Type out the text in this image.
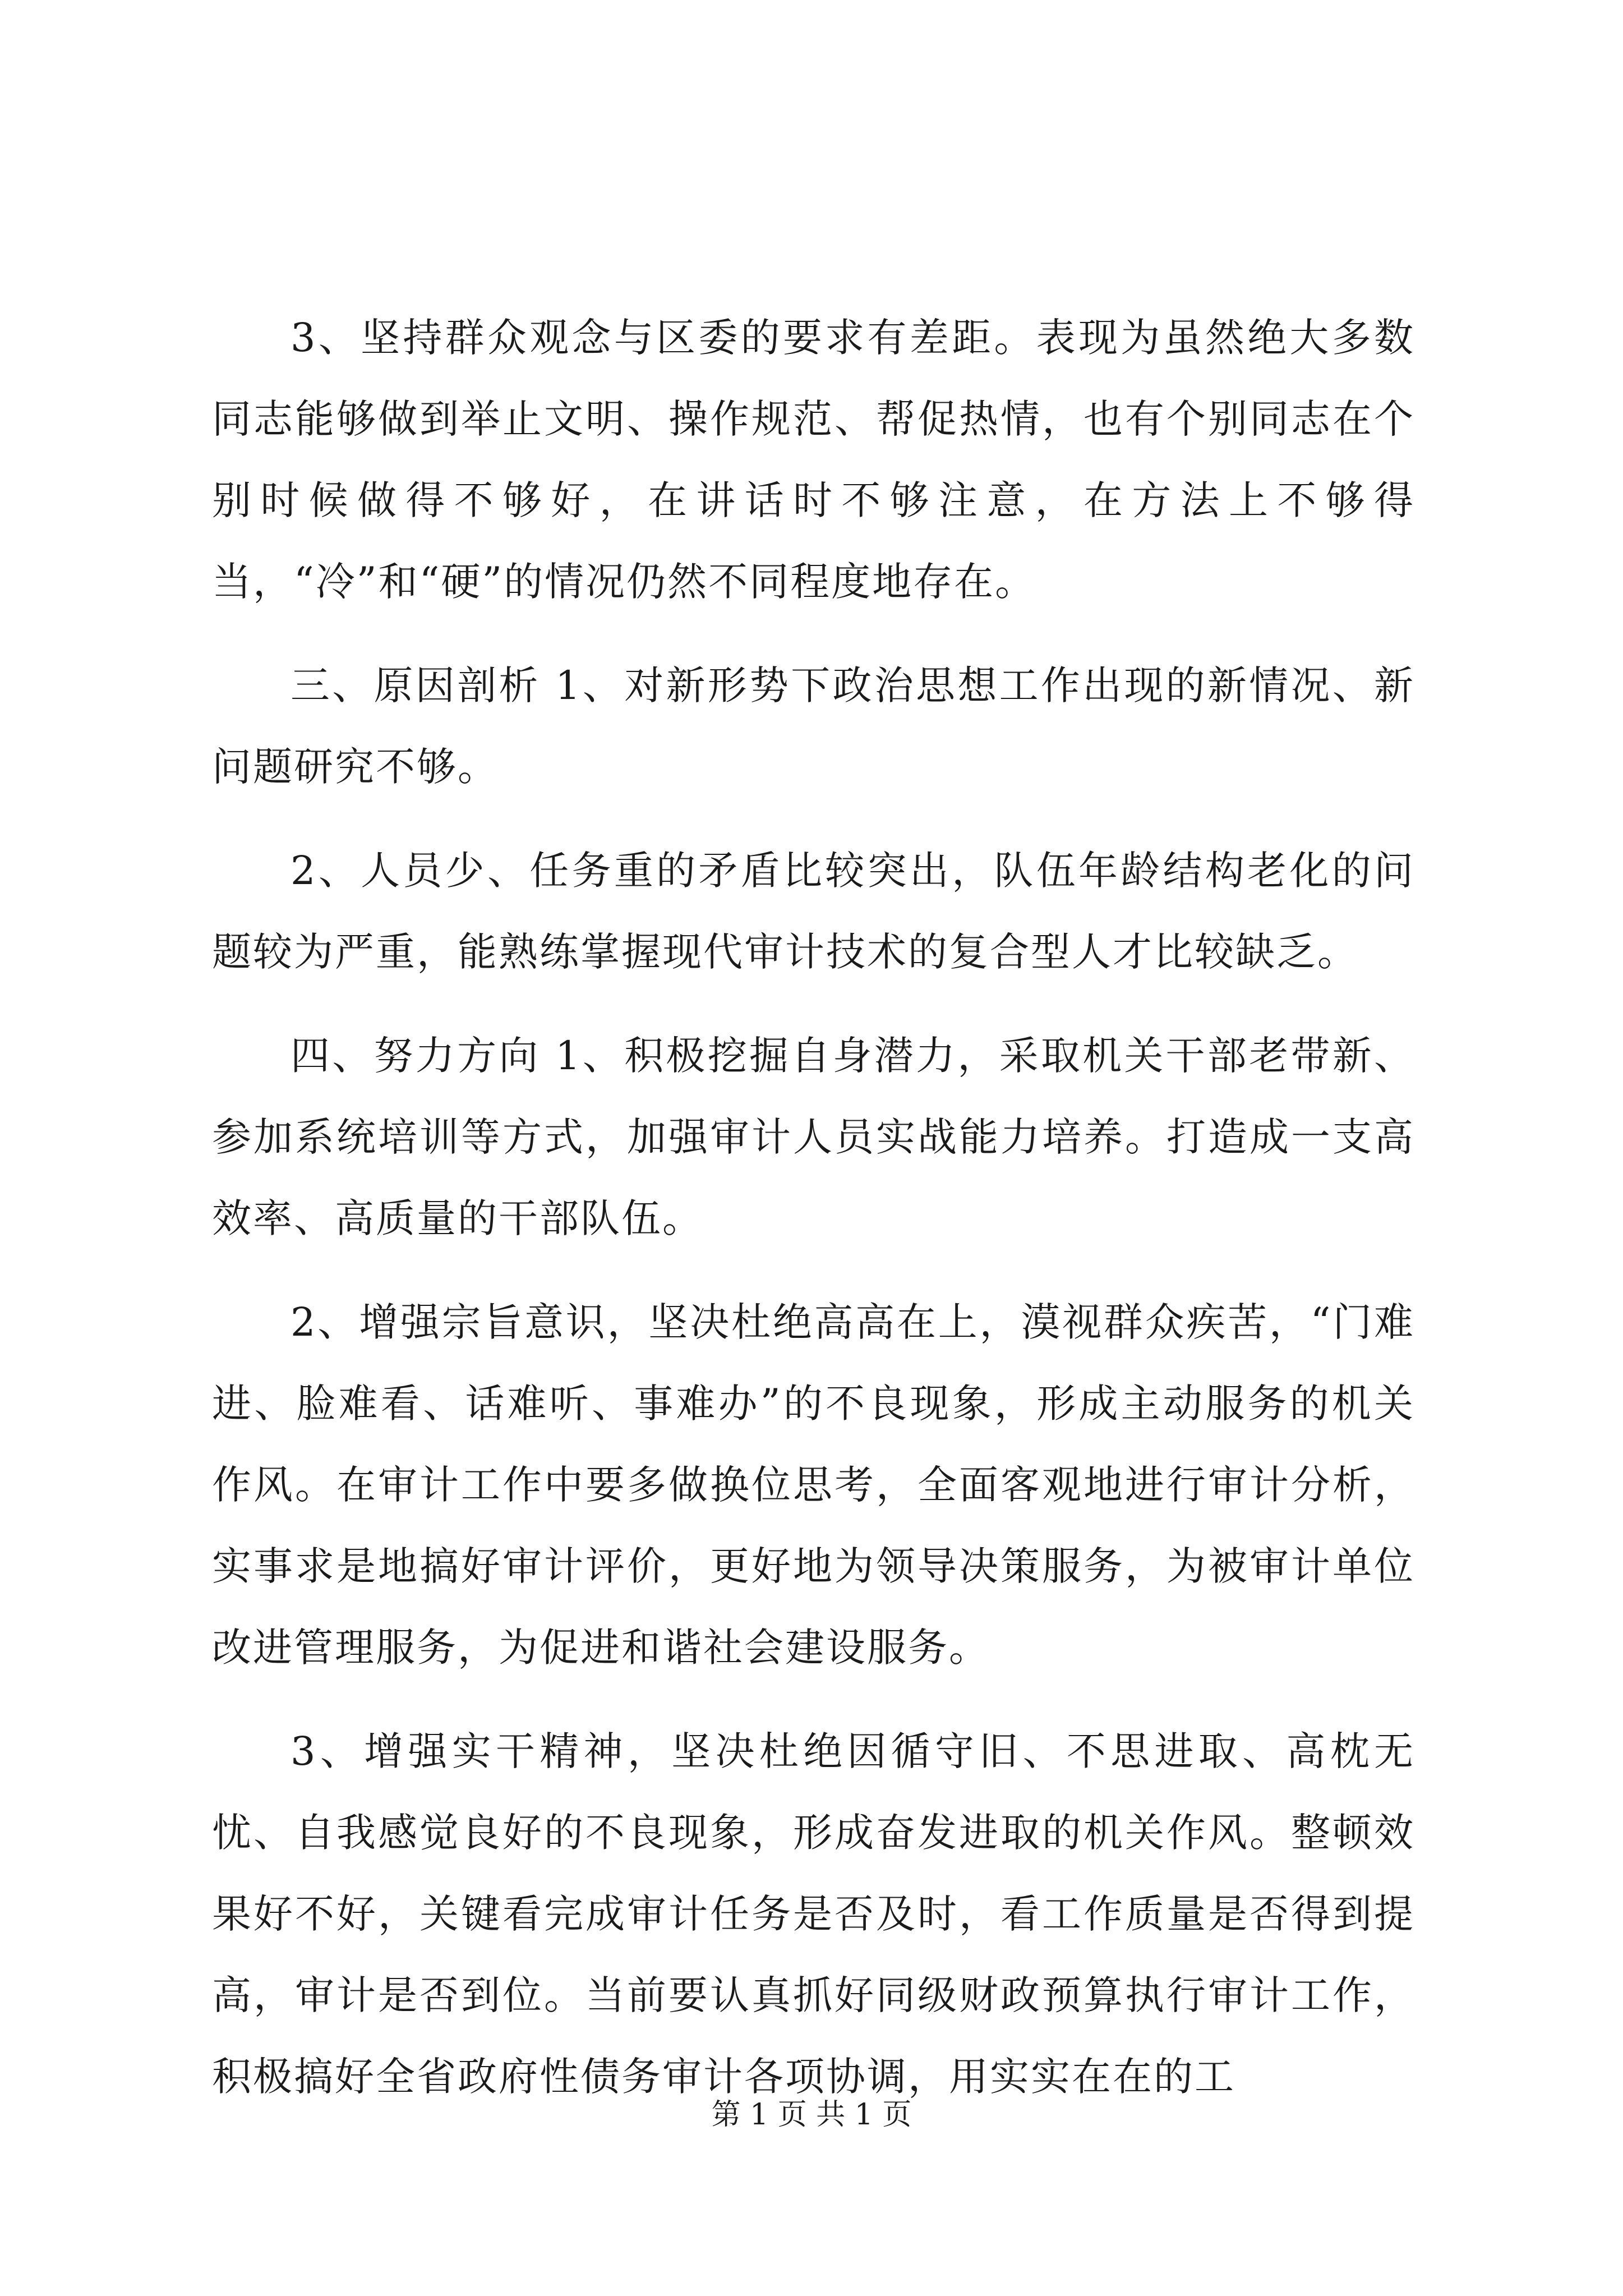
3、坚持群众观念与区委的要求有差距。表现为虽然绝大多数同志能够做到举止文明、操作规范、帮促热情，也有个别同志在个别时候做得不够好，在讲话时不够注意，在方法上不够得当，“冷”和“硬”的情况仍然不同程度地存在。

三、原因剖析 1、对新形势下政治思想工作出现的新情况、新问题研究不够。

2、人员少、任务重的矛盾比较突出，队伍年龄结构老化的问题较为严重，能熟练掌握现代审计技术的复合型人才比较缺乏。

四、努力方向 1、积极挖掘自身潜力，采取机关干部老带新、参加系统培训等方式，加强审计人员实战能力培养。打造成一支高效率、高质量的干部队伍。

2、增强宗旨意识，坚决杜绝高高在上，漠视群众疾苦，“门难进、脸难看、话难听、事难办”的不良现象，形成主动服务的机关作风。在审计工作中要多做换位思考，全面客观地进行审计分析，实事求是地搞好审计评价，更好地为领导决策服务，为被审计单位改进管理服务，为促进和谐社会建设服务。

3、增强实干精神，坚决杜绝因循守旧、不思进取、高枕无忧、自我感觉良好的不良现象，形成奋发进取的机关作风。整顿效果好不好，关键看完成审计任务是否及时，看工作质量是否得到提高，审计是否到位。当前要认真抓好同级财政预算执行审计工作，积极搞好全省政府性债务审计各项协调，用实实在在的工

第 1 页 共 1 页
